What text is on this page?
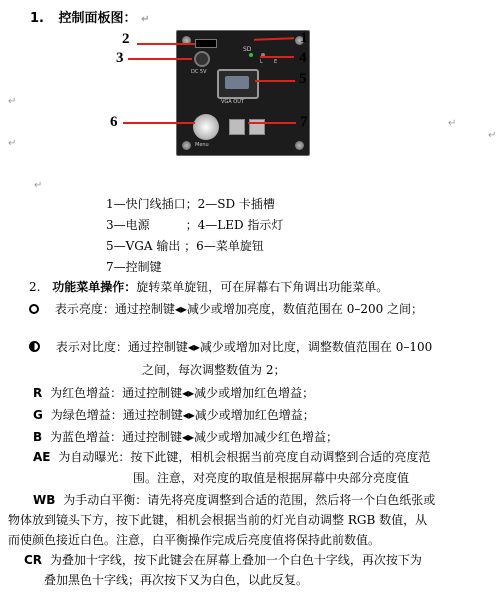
1. 控制面板图： ↵
SD
L E
DC 5V
VGA OUT
Menu
2	1
3	4
5
6	7
↵
↵
↵
↵
↵
1—快门线插口；2—SD 卡插槽
3—电源　　　；4—LED 指示灯
5—VGA 输出 ；6—菜单旋钮
7—控制键
2. 功能菜单操作：旋转菜单旋钮，可在屏幕右下角调出功能菜单。
表示亮度：通过控制键◂▸减少或增加亮度，数值范围在 0–200 之间；
表示对比度：通过控制键◂▸减少或增加对比度，调整数值范围在 0–100
之间，每次调整数值为 2；
R 为红色增益：通过控制键◂▸减少或增加红色增益；
G 为绿色增益：通过控制键◂▸减少或增加红色增益；
B 为蓝色增益：通过控制键◂▸减少或增加减少红色增益；
AE 为自动曝光：按下此键，相机会根据当前亮度自动调整到合适的亮度范
围。注意，对亮度的取值是根据屏幕中央部分亮度值
WB 为手动白平衡：请先将亮度调整到合适的范围，然后将一个白色纸张或
物体放到镜头下方，按下此键，相机会根据当前的灯光自动调整 RGB 数值，从
而使颜色接近白色。注意，白平衡操作完成后亮度值将保持此前数值。
CR 为叠加十字线，按下此键会在屏幕上叠加一个白色十字线，再次按下为
叠加黑色十字线；再次按下又为白色，以此反复。
